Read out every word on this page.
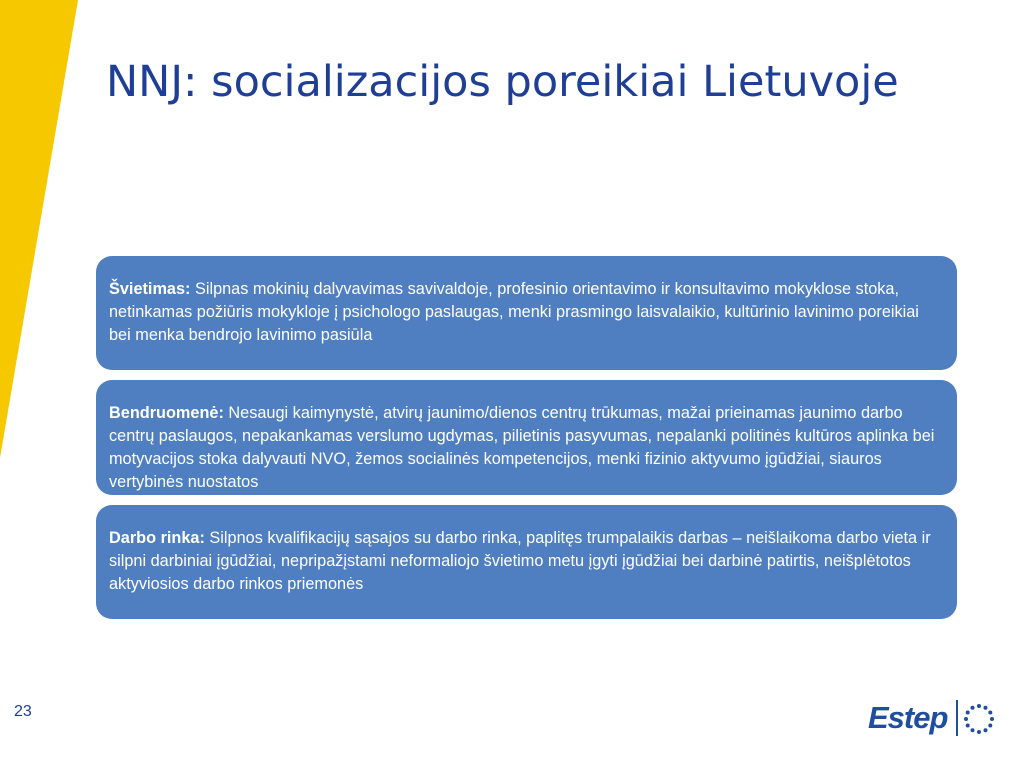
NNJ: socializacijos poreikiai Lietuvoje
Švietimas: Silpnas mokinių dalyvavimas savivaldoje, profesinio orientavimo ir konsultavimo mokyklose stoka, netinkamas požiūris mokykloje į psichologo paslaugas, menki prasmingo laisvalaikio, kultūrinio lavinimo poreikiai bei menka bendrojo lavinimo pasiūla
Bendruomenė: Nesaugi kaimynystė, atvirų jaunimo/dienos centrų trūkumas, mažai prieinamas jaunimo darbo centrų paslaugos, nepakankamas verslumo ugdymas, pilietinis pasyvumas, nepalanki politinės kultūros aplinka bei motyvacijos stoka dalyvauti NVO, žemos socialinės kompetencijos, menki fizinio aktyvumo įgūdžiai, siauros vertybinės nuostatos
Darbo rinka: Silpnos kvalifikacijų sąsajos su darbo rinka, paplitęs trumpalaikis darbas – neišlaikoma darbo vieta ir silpni darbiniai įgūdžiai, nepripažįstami neformaliojo švietimo metu įgyti įgūdžiai bei darbinė patirtis, neišplėtotos aktyviosios darbo rinkos priemonės
23	Estep
